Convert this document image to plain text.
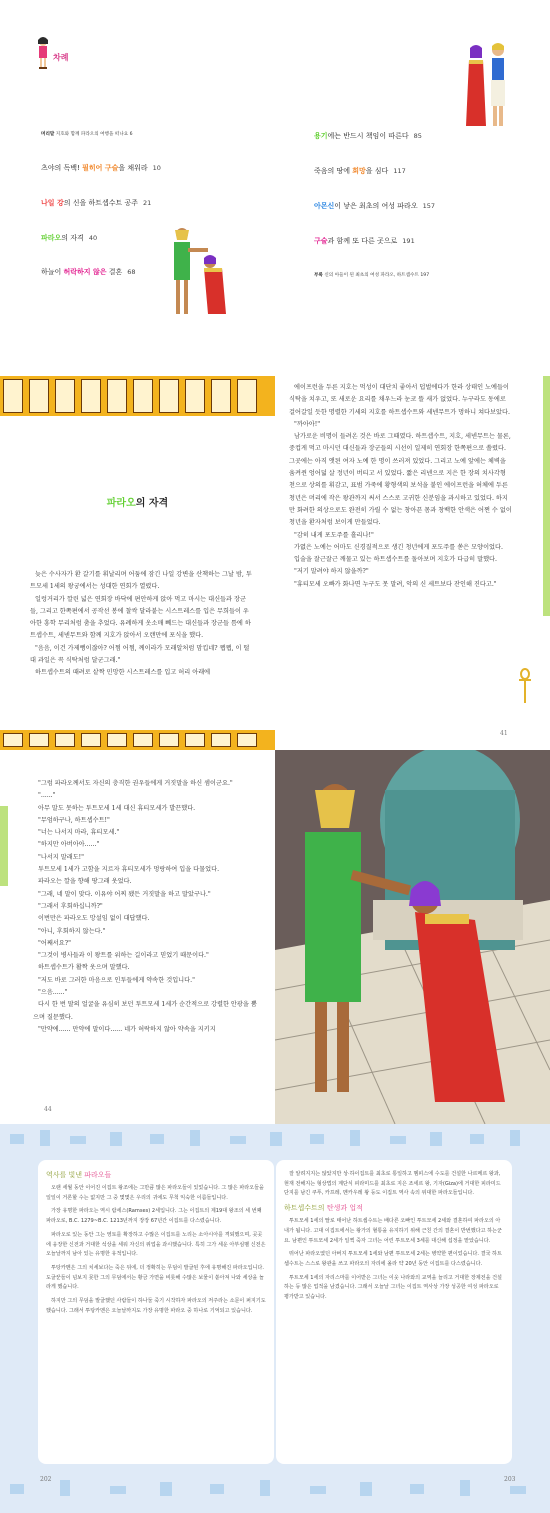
차례
머리말 지호와 함께 파라오의 여행을 떠나요 6
츠야의 독백! 필히어 구슬을 채워라 10
나일 강의 신을 하트셉수트 공주 21
파라오의 자격 40
하늘이 허락하지 않은 결혼 68
용기에는 반드시 책임이 따른다 85
죽음의 땅에 희망을 심다 117
아몬신이 낳은 최초의 여성 파라오 157
구술과 함께 또 다른 곳으로 191
부록 신의 아들이 된 최초의 여성 파라오, 하트셉수트 197
파라오의 자격

늦은 수사자가 환 갈기를 휘날리며 어둠에 잠긴 나일 강변을 산책하는 그날 밤, 투트모세 1세의 왕궁에서는 성대한 연회가 열렸다.

일렁거리가 깔린 넓은 연회장 바닥에 편안하게 앉아 먹고 마시는 대신들과 장군들, 그리고 한쪽편에서 공작선 봉에 찰싹 달라붙는 시스트레스를 입은 무희들이 우아한 흥학 무리처럼 춤을 추었다. 유례하게 옷소매 뻬드는 대신들과 장군들 틈에 하트셉수트, 세넨무트와 함께 지호가 앉아서 오랜만에 포식을 했다.

"음음, 이건 가제뻥이잖아? 어쩜 어쩜, 께이라가 모래알처럼 맘킵네? 쨉쨉, 이 떨대 과일은 꼭 식탁처럼 달군그래."

하트셉수트의 때려로 샅짝 민망한 시스트레스를 입고 허리 아래에

에이프런을 두른 지호는 먹성이 대단치 좋아서 덥벌에다가 한라 상태인 노예들이 식탁을 치우고, 또 새로운 요리를 채우느라 눈코 뜰 새가 없었다. 누구라도 동에로 걸어갈일 듯한 명렬한 기세의 지호를 하트셉수트와 세넨무트가 멍하니 쳐다보았다.

"까아아!"

남가로운 비명이 들려온 것은 바로 그때였다. 하트셉수트, 지호, 세넨무트는 물론, 중컵게 먹고 마시던 대신들과 장군들의 시선이 일제히 연회장 한쪽편으로 쏠렸다. 그곳에는 아직 앳된 여자 노예 한 명이 쓰러져 있었다. 그리고 노예 앞에는 체벽을 움켜쥔 엉어덟 살 정년이 버티고 서 있었다. 짧은 리넨으로 지은 한 장의 치사각형 천으로 상의를 휘감고, 표범 가죽에 황형색의 보석을 붙인 에이프런을 허체에 두른 청년은 머리에 작은 왕관까지 써서 스스로 고귀한 신분임을 과시하고 있었다. 하지만 화려한 의상으로도 완전히 가릴 수 없는 창아픈 몸과 창백한 안색은 어쩐 수 없이 청년을 환자처럼 보이게 만들었다.

"감히 내게 포도주를 흘리나!"

가엾은 노예는 어마도 신경질적으로 생긴 청년에게 포도주를 쏟은 모양이었다.

입술을 잘근잘근 깨물고 있는 하트셉수트를 돌아보며 지호가 다급히 말했다.

"저기 말려야 하지 않을까?"

"휴티모세 오빠가 화나면 누구도 못 말려, 악의 신 세트보다 잔인해 진다고."

41

"그럼 파라오께서도 자신의 충직한 권우들에게 거짓말을 하신 셈이군요."

"......"

아무 말도 못하는 투트모세 1세 대신 휴티모세가 발끈했다.

"무엄하구나, 하트셉수트!"

"너는 나서지 마라, 휴티모세."

"하지만 아버아아......"

"나서지 말래도!"

투트모세 1세가 고함을 지르자 휴티모세가 멍랑하여 입을 다물었다.

파라오는 깔을 향해 땅그래 웃었다.

"그래, 네 말이 맞다. 이유야 어찌 됐든 거짓말을 하고 말았구나."

"그래서 후회하십니까?"

이번만은 파라오도 망설임 없이 대답했다.

"아니, 후회하지 않는다."

"어째서요?"

"그것이 병사들과 이 왕트를 위하는 길이라고 믿었기 때문이다."

하트셉수트가 활짝 웃으며 말했다.

"저도 바로 그러한 마음으로 인투들에게 약속한 것입니다."

"으음......"

다시 한 번 딸의 얼굴을 유심히 보던 투트모세 1세가 순간적으로 강렬한 안광을 뿜으며 질문했다.

"만약에...... 만약에 말이다...... 네가 허락하지 않아 약속을 지키지

44
역사를 빛낸 파라오들

오랜 세월 동안 이어진 이집트 왕조에는 그만큼 많은 파라오들이 있었습니다. 그 많은 파라오들을 일일이 거론할 수는 없지만 그 중 몇몇은 우리의 귀에도 무척 익숙한 이름들입니다.

가장 유명한 파라오는 역시 람세스(Ramses) 2세입니다. 그는 이집트의 제19대 왕조의 세 번째 파라오로, B.C. 1279~B.C. 1213년까지 장장 67년간 이집트를 다스렸습니다.

파라오로 있는 동안 그는 영토를 확장하고 수많은 이집트를 노리는 소아시아를 격퇴했으며, 곳곳에 웅장한 신전과 거대한 석상을 세워 자신의 위업을 과시했습니다. 특히 그가 세운 아부심벨 신전은 오늘날까지 남아 있는 유명한 유적입니다.

투탕카멘은 그의 치세보다는 죽은 뒤에, 더 정확히는 무덤이 발굴된 후에 유명해진 파라오입니다. 도굴꾼들이 넘보지 못한 그의 무덤에서는 황금 가면을 비롯해 수많은 보물이 쏟아져 나와 세상을 놀라게 했습니다.

하지만 그의 무덤을 발굴했던 사람들이 하나둘 죽기 시작하자 파라오의 저주라는 소문이 퍼지기도 했습니다. 그래서 투탕카멘은 오늘날까지도 가장 유명한 파라오 중 하나로 기억되고 있습니다.

잘 알려지지는 않았지만 상·하이집트를 최초로 통일하고 멤피스에 수도를 건설한 나르메르 왕과, 현재 전해지는 형상법의 계단식 피라미드를 최초로 지은 조세르 왕, 기자(Giza)에 거대한 피라미드 단지를 남긴 쿠푸, 카프레, 멘카우레 왕 등도 이집트 역사 속의 위대한 파라오들입니다.

하트셉수트의 탄생과 업적

투트모세 1세의 딸로 태어난 하트셉수트는 배다른 오빠인 투트모세 2세와 결혼하여 파라오의 아내가 됩니다. 고대 이집트에서는 왕가의 혈통을 유지하기 위해 근친 간의 결혼이 반번했다고 하는군요. 남편인 투트모세 2세가 일찍 죽자 그녀는 어린 투트모세 3세를 대신해 섭정을 맡았습니다.

뛰어난 파라오였던 아버지 투트모세 1세와 남편 투트모세 2세는 병약한 편이었습니다. 결국 하트셉수트는 스스로 왕관을 쓰고 파라오의 자리에 올라 약 20년 동안 이집트를 다스렸습니다.

투트모세 1세의 자리스마를 이어받은 그녀는 이웃 나라와의 교역을 늘리고 거대한 장제전을 건설하는 등 많은 업적을 남겼습니다. 그래서 오늘날 그녀는 이집트 역사상 가장 성공한 여성 파라오로 평가받고 있습니다.

202	203
